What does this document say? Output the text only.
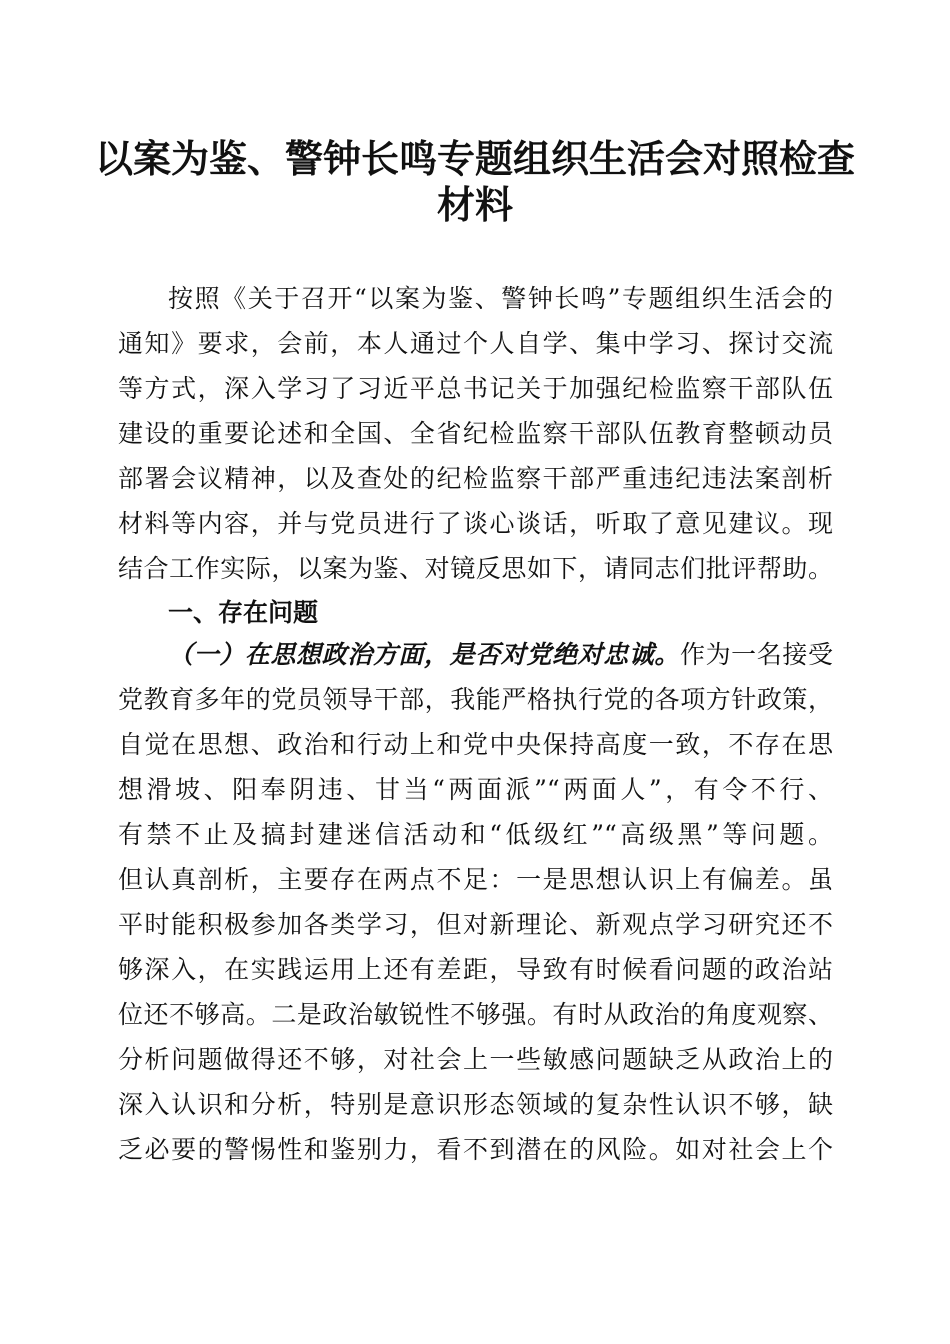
以案为鉴、警钟长鸣专题组织生活会对照检查
材料
按照《关于召开“以案为鉴、警钟长鸣”专题组织生活会的
通知》要求，会前，本人通过个人自学、集中学习、探讨交流
等方式，深入学习了习近平总书记关于加强纪检监察干部队伍
建设的重要论述和全国、全省纪检监察干部队伍教育整顿动员
部署会议精神，以及查处的纪检监察干部严重违纪违法案剖析
材料等内容，并与党员进行了谈心谈话，听取了意见建议。现
结合工作实际，以案为鉴、对镜反思如下，请同志们批评帮助。
一、存在问题
（一）在思想政治方面，是否对党绝对忠诚。作为一名接受
党教育多年的党员领导干部，我能严格执行党的各项方针政策，
自觉在思想、政治和行动上和党中央保持高度一致，不存在思
想滑坡、阳奉阴违、甘当“两面派”“两面人”，有令不行、
有禁不止及搞封建迷信活动和“低级红”“高级黑”等问题。
但认真剖析，主要存在两点不足：一是思想认识上有偏差。虽
平时能积极参加各类学习，但对新理论、新观点学习研究还不
够深入，在实践运用上还有差距，导致有时候看问题的政治站
位还不够高。二是政治敏锐性不够强。有时从政治的角度观察、
分析问题做得还不够，对社会上一些敏感问题缺乏从政治上的
深入认识和分析，特别是意识形态领域的复杂性认识不够，缺
乏必要的警惕性和鉴别力，看不到潜在的风险。如对社会上个
